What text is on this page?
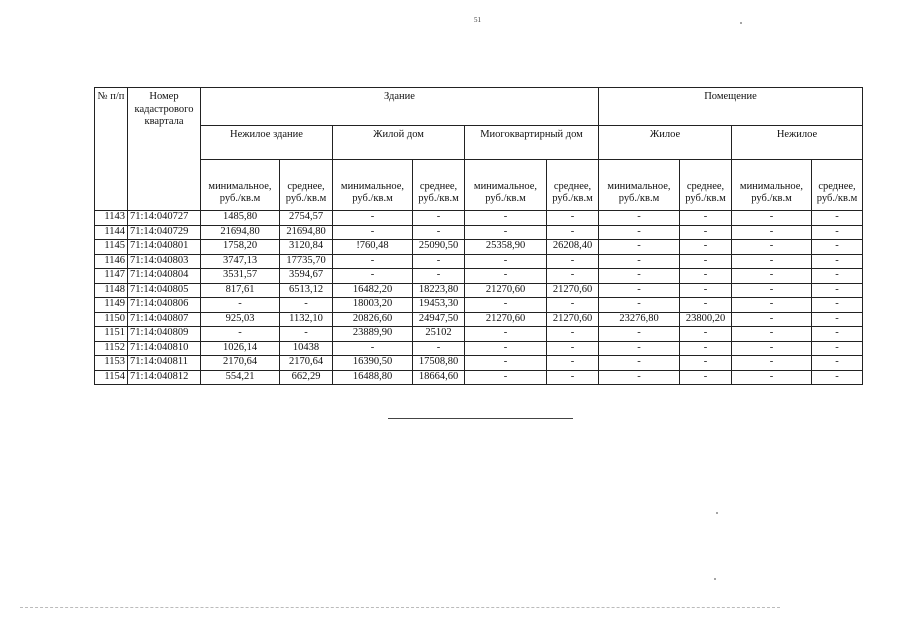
51
№ п/п	Номер кадастрового квартала	Здание						Помещение			
		Нежилое здание		Жилой дом		Миогоквартирный дом		Жилое		Нежилое	
		минимальное, руб./кв.м	среднее, руб./кв.м	минимальное, руб./кв.м	среднее, руб./кв.м	минимальное, руб./кв.м	среднее, руб./кв.м	минимальное, руб./кв.м	среднее, руб./кв.м	минимальное, руб./кв.м	среднее, руб./кв.м
1143	71:14:040727	1485,80	2754,57	-	-	-	-	-	-	-	-
1144	71:14:040729	21694,80	21694,80	-	-	-	-	-	-	-	-
1145	71:14:040801	1758,20	3120,84	!760,48	25090,50	25358,90	26208,40	-	-	-	-
1146	71:14:040803	3747,13	17735,70	-	-	-	-	-	-	-	-
1147	71:14:040804	3531,57	3594,67	-	-	-	-	-	-	-	-
1148	71:14:040805	817,61	6513,12	16482,20	18223,80	21270,60	21270,60	-	-	-	-
1149	71:14:040806	-	-	18003,20	19453,30	-	-	-	-	-	-
1150	71:14:040807	925,03	1132,10	20826,60	24947,50	21270,60	21270,60	23276,80	23800,20	-	-
1151	71:14:040809	-	-	23889,90	25102	-	-	-	-	-	-
1152	71:14:040810	1026,14	10438	-	-	-	-	-	-	-	-
1153	71:14:040811	2170,64	2170,64	16390,50	17508,80	-	-	-	-	-	-
1154	71:14:040812	554,21	662,29	16488,80	18664,60	-	-	-	-	-	-
